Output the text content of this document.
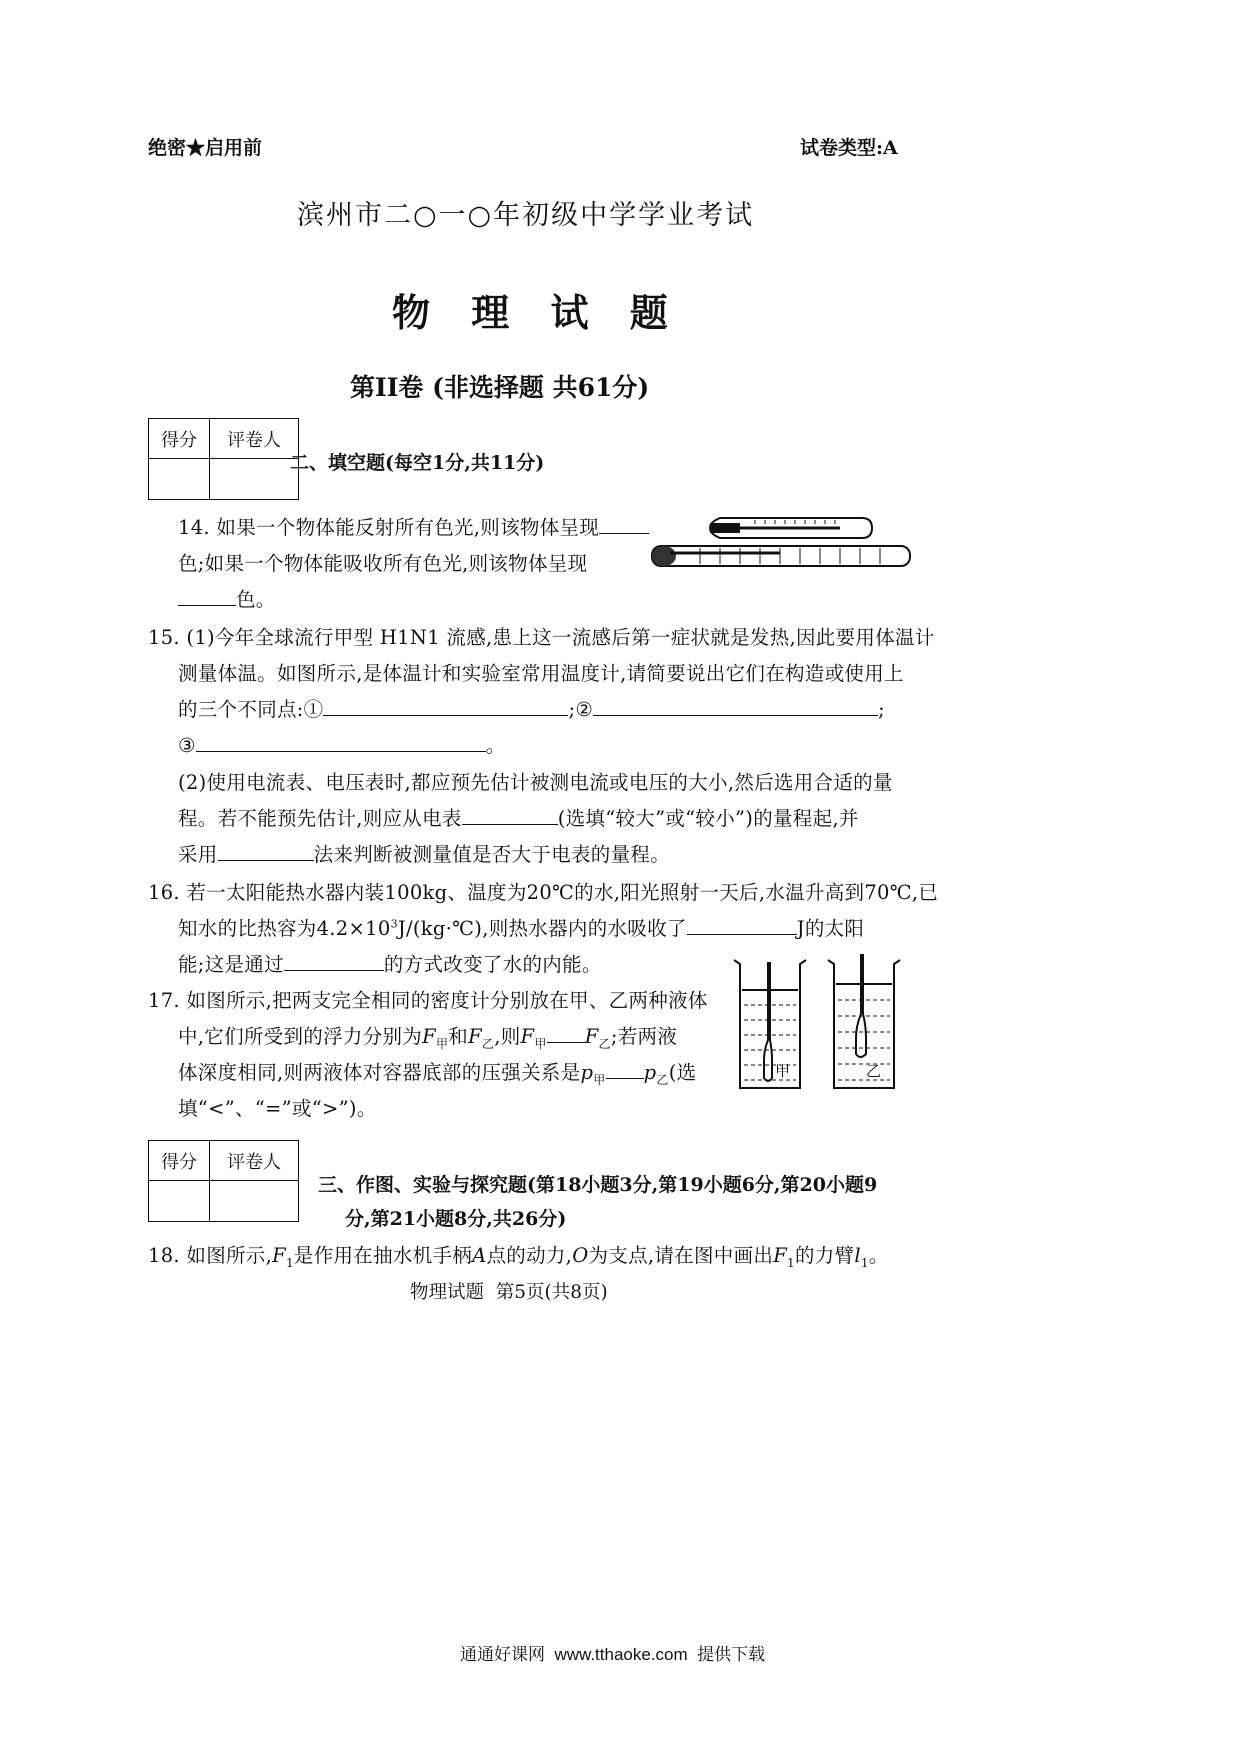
绝密★启用前	试卷类型:A
滨州市二○一○年初级中学学业考试
物 理 试 题
第II卷 (非选择题 共61分)
得分	评卷人

二、填空题(每空1分,共11分)
14. 如果一个物体能反射所有色光,则该物体呈现
色;如果一个物体能吸收所有色光,则该物体呈现
色。
15. (1)今年全球流行甲型 H1N1 流感,患上这一流感后第一症状就是发热,因此要用体温计
测量体温。如图所示,是体温计和实验室常用温度计,请简要说出它们在构造或使用上
的三个不同点:①	;②	;
③	。
(2)使用电流表、电压表时,都应预先估计被测电流或电压的大小,然后选用合适的量
程。若不能预先估计,则应从电表	(选填“较大”或“较小”)的量程起,并
采用	法来判断被测量值是否大于电表的量程。
16. 若一太阳能热水器内装100kg、温度为20℃的水,阳光照射一天后,水温升高到70℃,已
知水的比热容为$4.2\times 10^3J/(kg\cdot℃)$,则热水器内的水吸收了	J的太阳
能;这是通过	的方式改变了水的内能。
17. 如图所示,把两支完全相同的密度计分别放在甲、乙两种液体
中,它们所受到的浮力分别为$F_甲$和$F_乙$,则$F_甲$ $F_乙$;若两液
体深度相同,则两液体对容器底部的压强关系是$p_甲$ $p_乙$(选
填“<”、“=”或“>”)。
甲	乙
得分	评卷人

三、作图、实验与探究题(第18小题3分,第19小题6分,第20小题9
分,第21小题8分,共26分)
18. 如图所示$,F_1$是作用在抽水机手柄A点的动力,O为支点,请在图中画出$F_1$的力臂$l_1$。
物理试题  第5页(共8页)
通通好课网  www.tthaoke.com  提供下载
